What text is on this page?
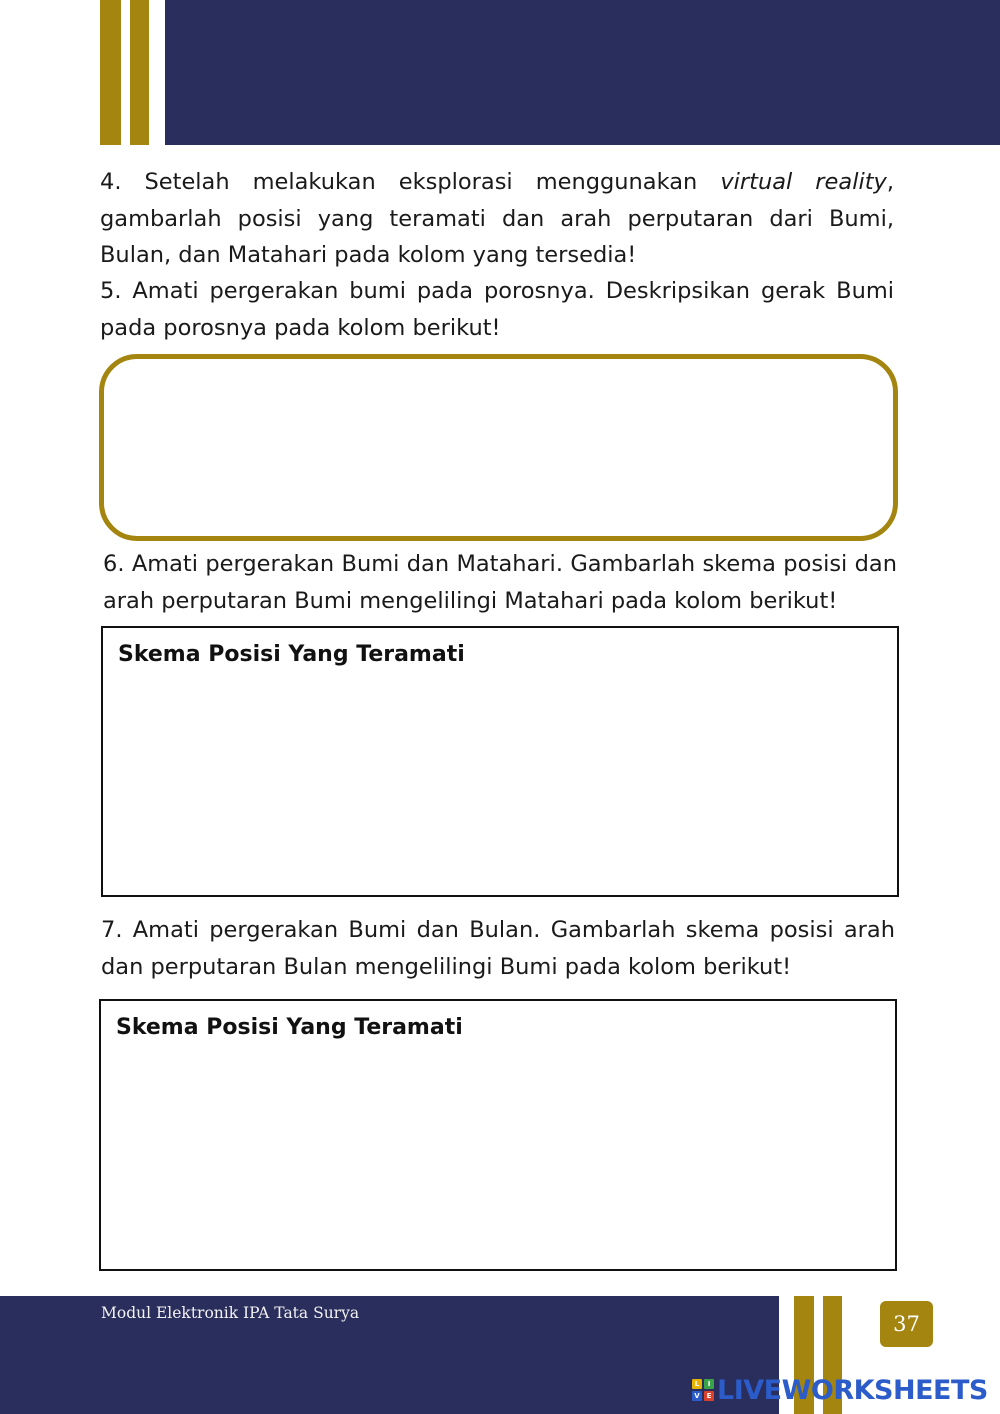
4. Setelah melakukan eksplorasi menggunakan virtual reality, gambarlah posisi yang teramati dan arah perputaran dari Bumi, Bulan, dan Matahari pada kolom yang tersedia!

5. Amati pergerakan bumi pada porosnya. Deskripsikan gerak Bumi pada porosnya pada kolom berikut!

6. Amati pergerakan Bumi dan Matahari. Gambarlah skema posisi dan arah perputaran Bumi mengelilingi Matahari pada kolom berikut!

Skema Posisi Yang Teramati

7. Amati pergerakan Bumi dan Bulan. Gambarlah skema posisi arah dan perputaran Bulan mengelilingi Bumi pada kolom berikut!

Skema Posisi Yang Teramati
Modul Elektronik IPA Tata Surya	37
L	I
V E LIVEWORKSHEETS
